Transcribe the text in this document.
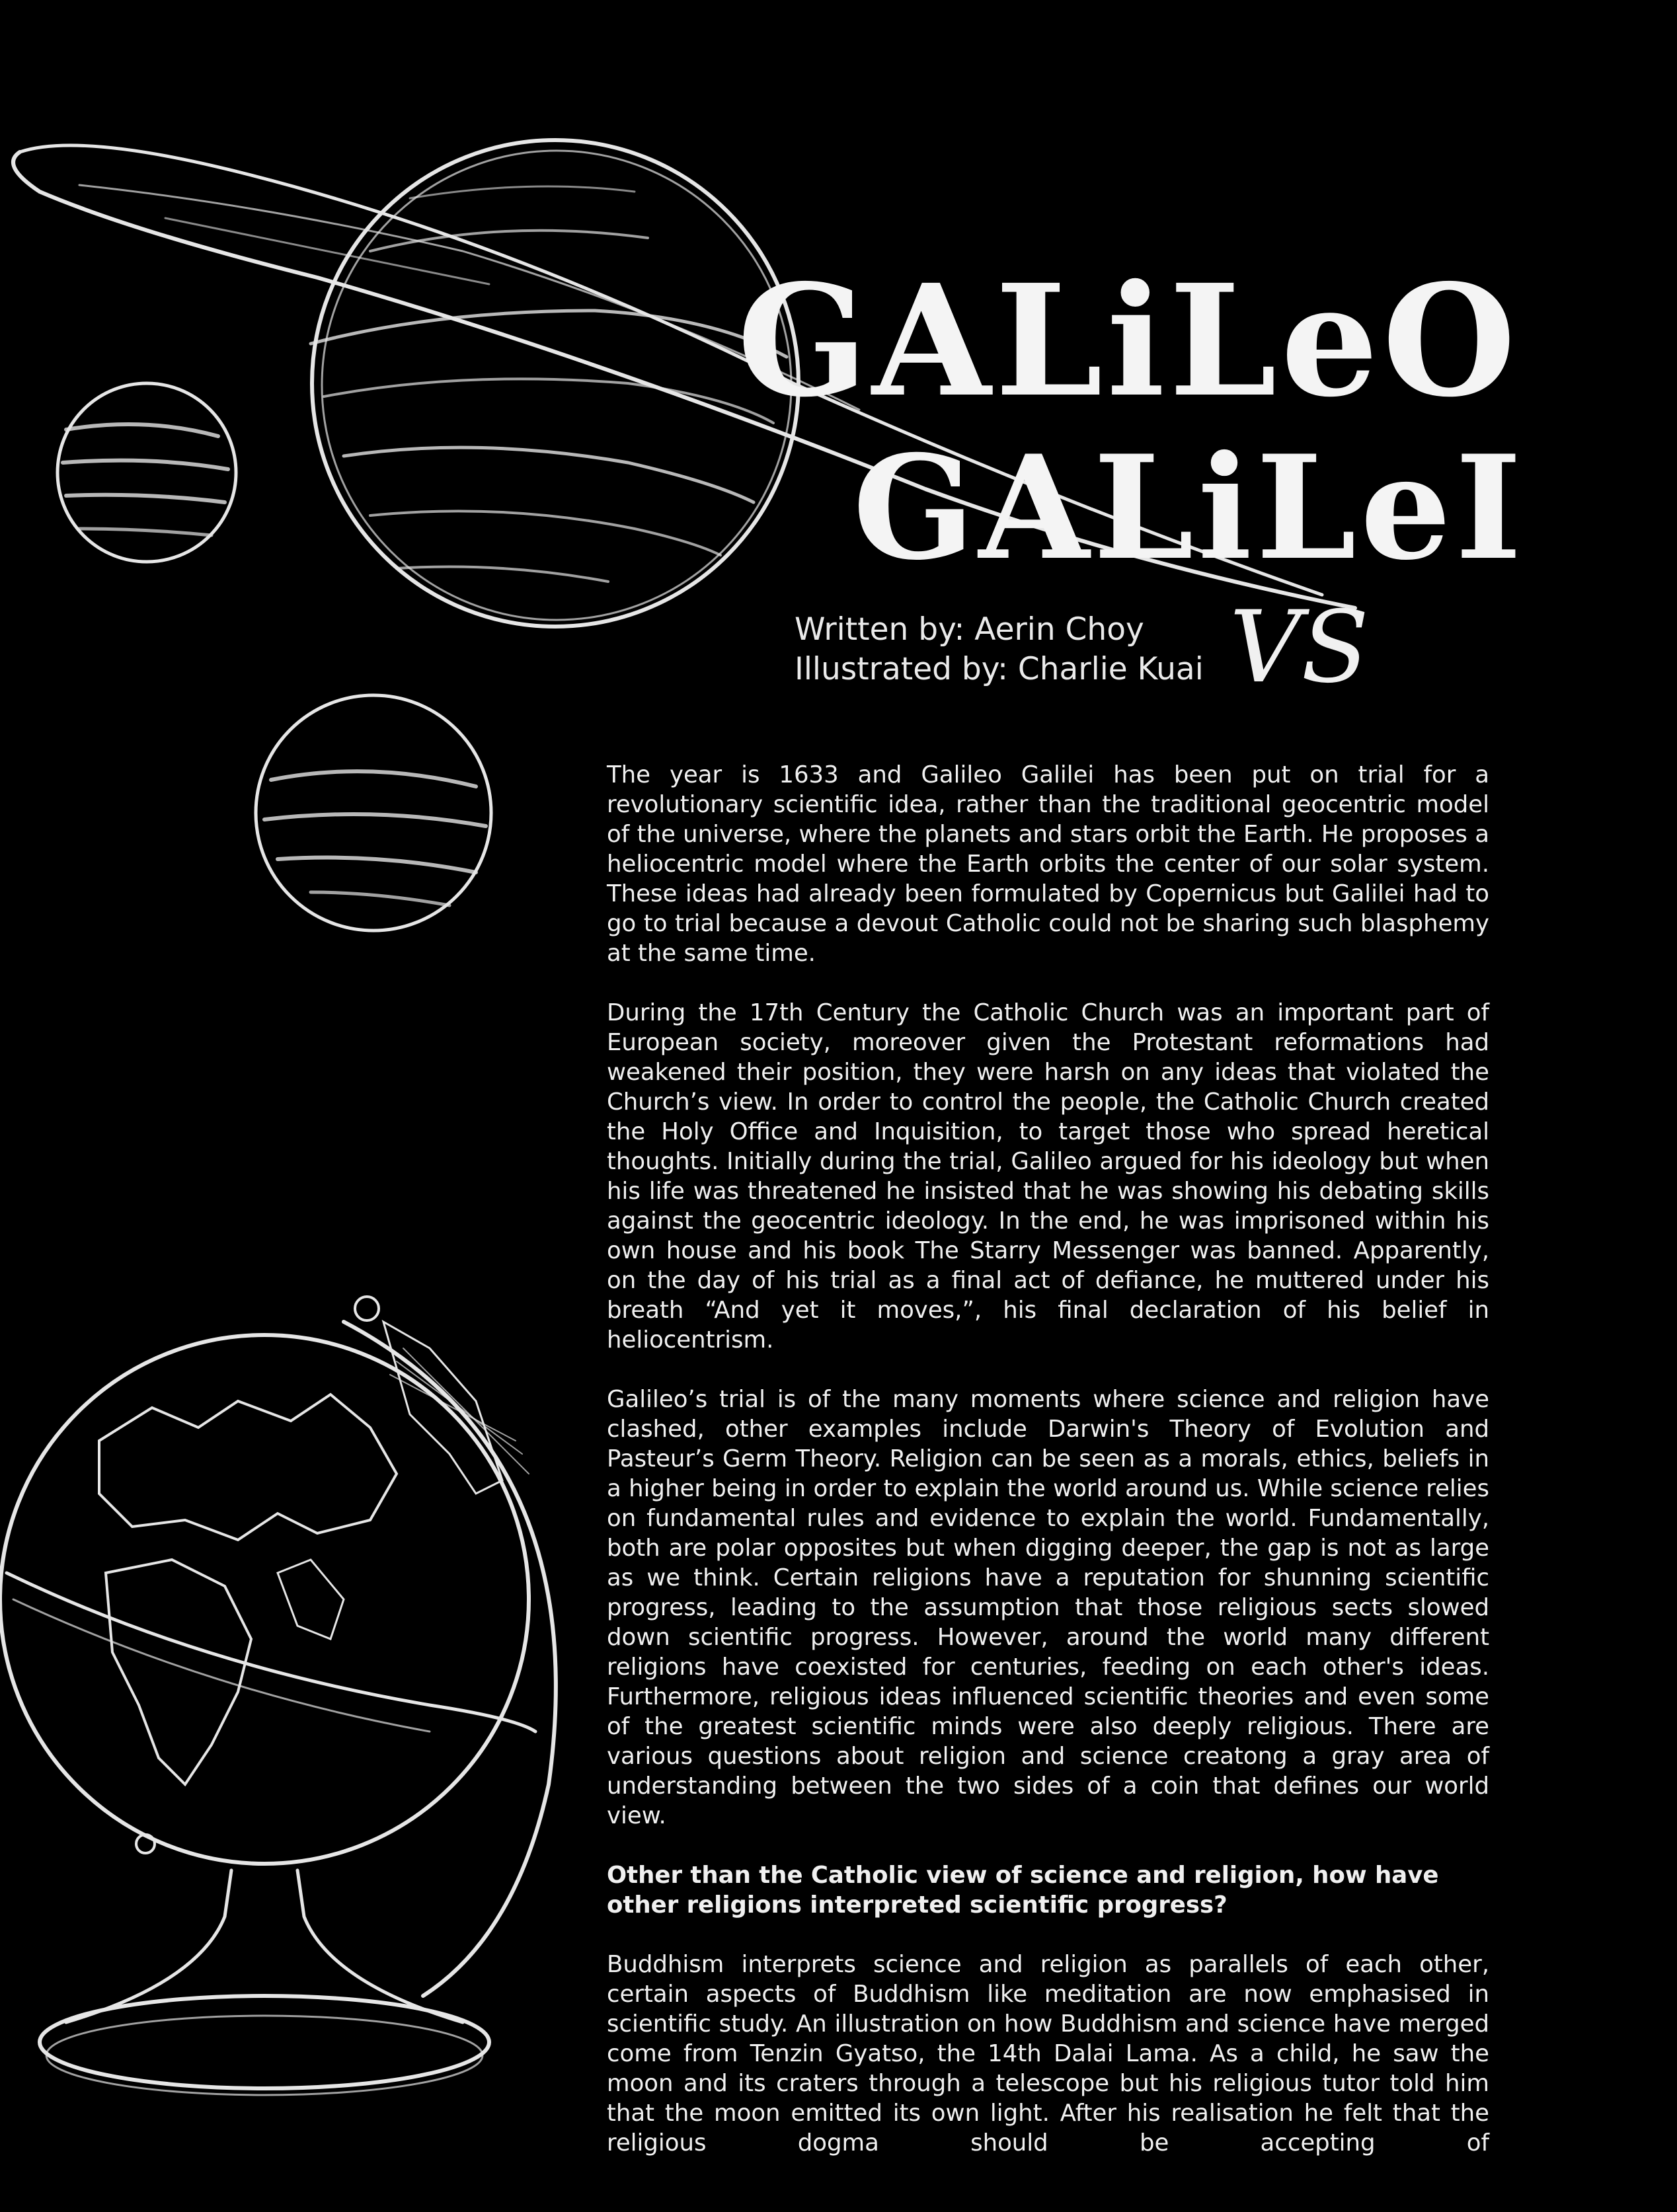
GALiLeO
GALiLeI
Written by: Aerin Choy
Illustrated by: Charlie Kuai VS

The year is 1633 and Galileo Galilei has been put on trial for a revolutionary scientific idea, rather than the traditional geocentric model of the universe, where the planets and stars orbit the Earth. He proposes a heliocentric model where the Earth orbits the center of our solar system. These ideas had already been formulated by Copernicus but Galilei had to go to trial because a devout Catholic could not be sharing such blasphemy at the same time.

During the 17th Century the Catholic Church was an important part of European society, moreover given the Protestant reformations had weakened their position, they were harsh on any ideas that violated the Church’s view. In order to control the people, the Catholic Church created the Holy Office and Inquisition, to target those who spread heretical thoughts. Initially during the trial, Galileo argued for his ideology but when his life was threatened he insisted that he was showing his debating skills against the geocentric ideology. In the end, he was imprisoned within his own house and his book The Starry Messenger was banned. Apparently, on the day of his trial as a final act of defiance, he muttered under his breath “And yet it moves,”, his final declaration of his belief in heliocentrism.

Galileo’s trial is of the many moments where science and religion have clashed, other examples include Darwin's Theory of Evolution and Pasteur’s Germ Theory. Religion can be seen as a morals, ethics, beliefs in a higher being in order to explain the world around us. While science relies on fundamental rules and evidence to explain the world. Fundamentally, both are polar opposites but when digging deeper, the gap is not as large as we think. Certain religions have a reputation for shunning scientific progress, leading to the assumption that those religious sects slowed down scientific progress. However, around the world many different religions have coexisted for centuries, feeding on each other's ideas. Furthermore, religious ideas influenced scientific theories and even some of the greatest scientific minds were also deeply religious. There are various questions about religion and science creatong a gray area of understanding between the two sides of a coin that defines our world view.

Other than the Catholic view of science and religion, how have other religions interpreted scientific progress?

Buddhism interprets science and religion as parallels of each other, certain aspects of Buddhism like meditation are now emphasised in scientific study. An illustration on how Buddhism and science have merged come from Tenzin Gyatso, the 14th Dalai Lama. As a child, he saw the moon and its craters through a telescope but his religious tutor told him that the moon emitted its own light. After his realisation he felt that the religious dogma should be accepting of
